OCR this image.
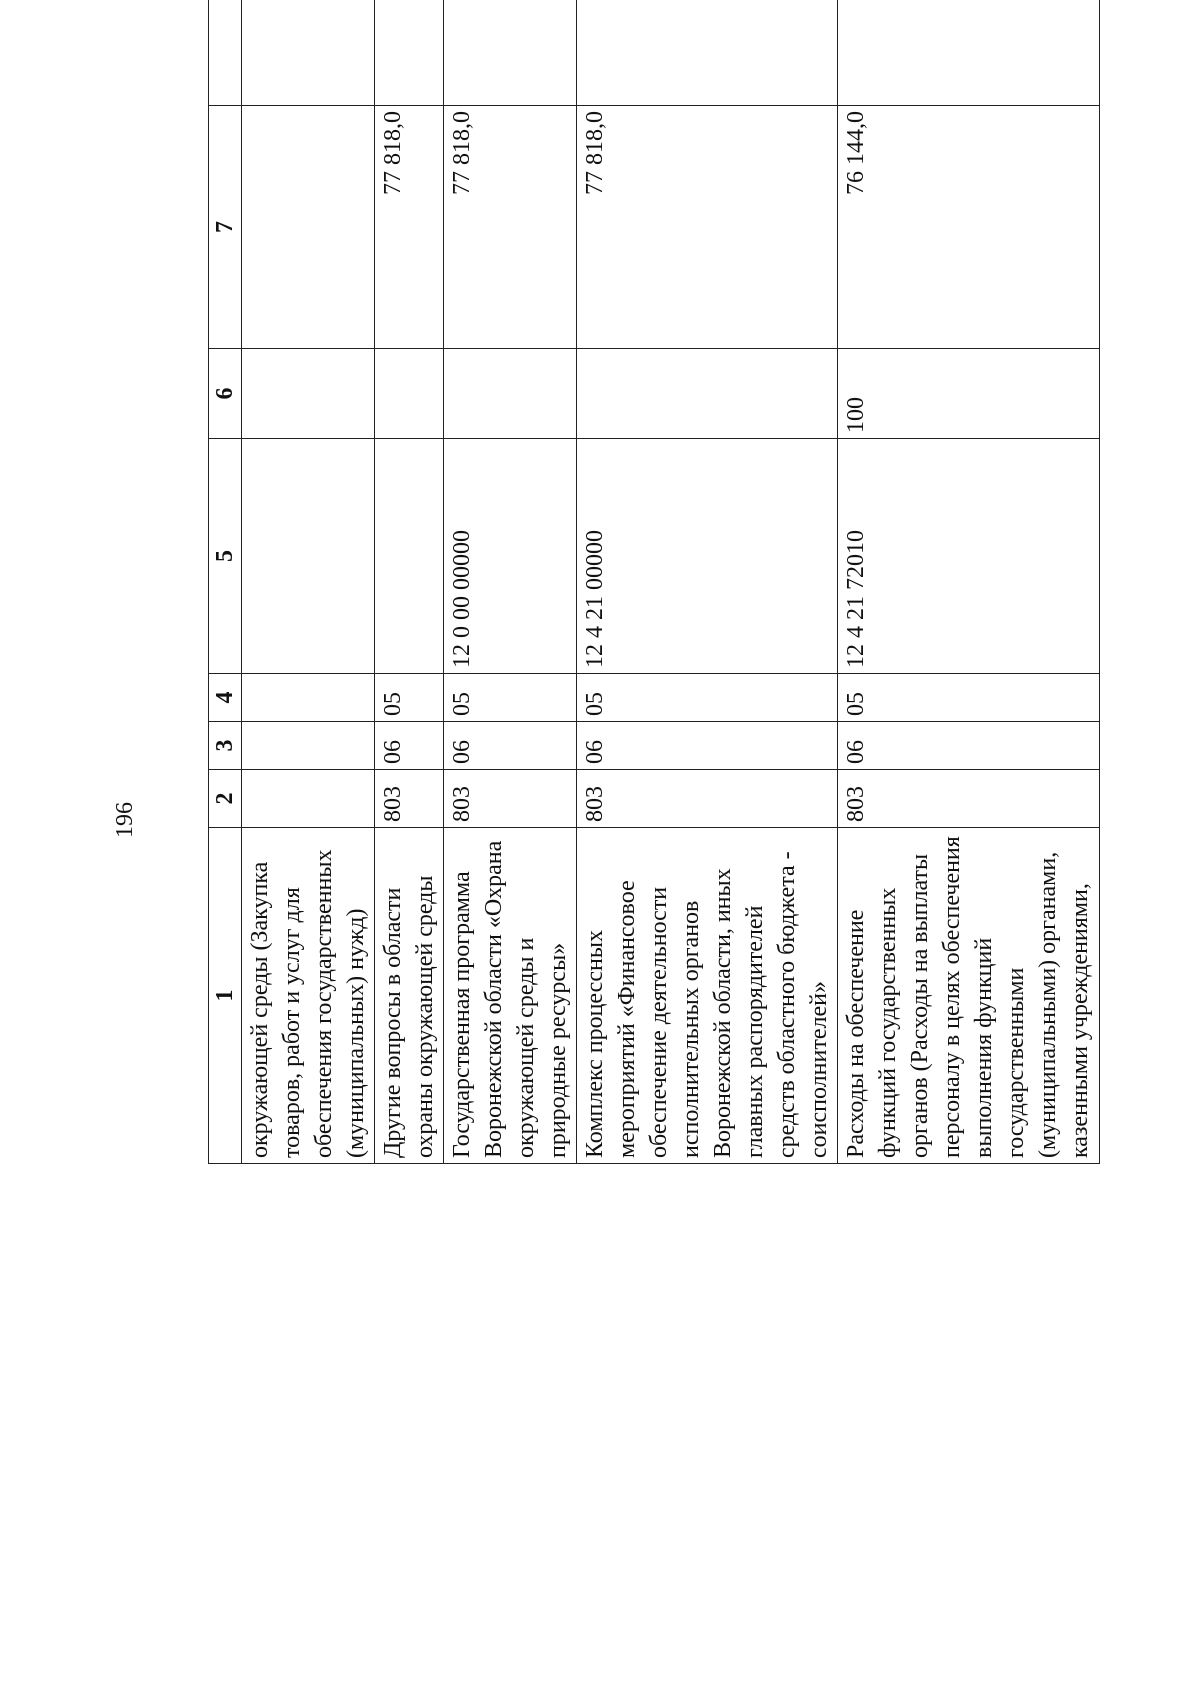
196
1	2	3	4	5	6	7		
окружающей среды (Закупка товаров, работ и услуг для обеспечения государственных (муниципальных) нужд)								
Другие вопросы в области охраны окружающей среды	803	06	05			77 818,0		
Государственная программа Воронежской области «Охрана окружающей среды и природные ресурсы»	803	06	05	12 0 00 00000		77 818,0		
Комплекс процессных мероприятий «Финансовое обеспечение деятельности исполнительных органов Воронежской области, иных главных распорядителей средств областного бюджета - соисполнителей»	803	06	05	12 4 21 00000		77 818,0		
Расходы на обеспечение функций государственных органов (Расходы на выплаты персоналу в целях обеспечения выполнения функций государственными (муниципальными) органами, казенными учреждениями,	803	06	05	12 4 21 72010	100	76 144,0		
